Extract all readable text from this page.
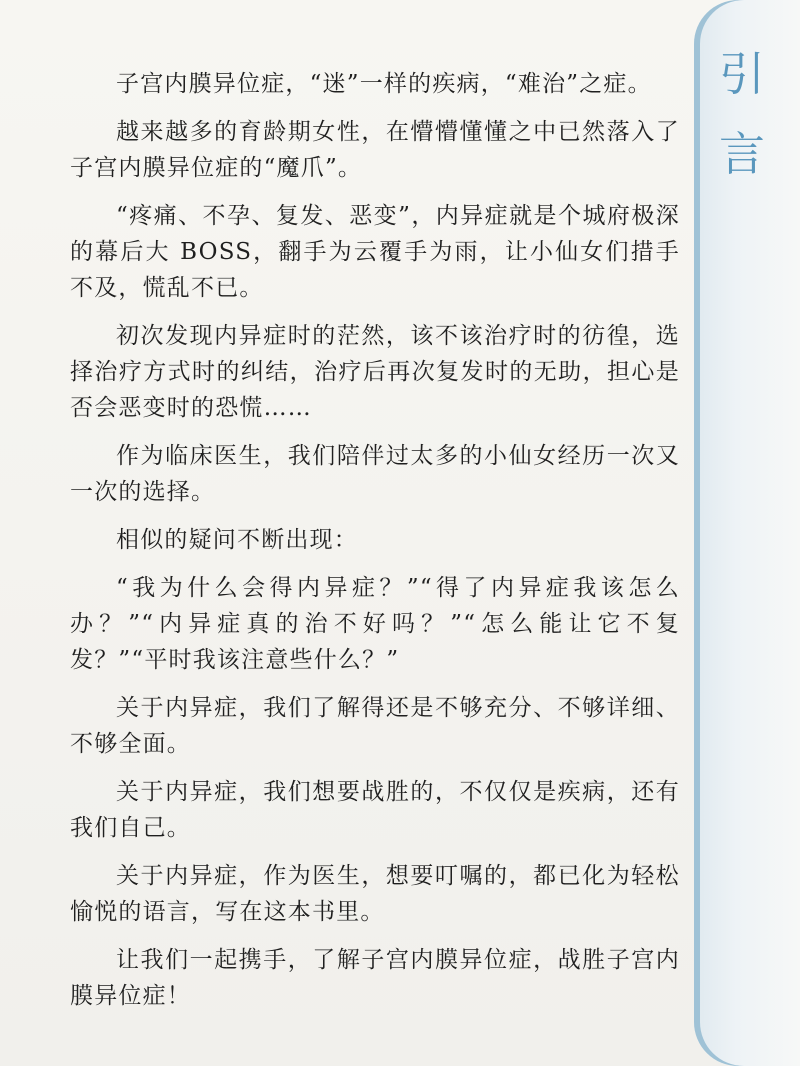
引
言

子宫内膜异位症，“迷”一样的疾病，“难治”之症。

越来越多的育龄期女性，在懵懵懂懂之中已然落入了子宫内膜异位症的“魔爪”。

“疼痛、不孕、复发、恶变”，内异症就是个城府极深的幕后大 BOSS，翻手为云覆手为雨，让小仙女们措手不及，慌乱不已。

初次发现内异症时的茫然，该不该治疗时的彷徨，选择治疗方式时的纠结，治疗后再次复发时的无助，担心是否会恶变时的恐慌……

作为临床医生，我们陪伴过太多的小仙女经历一次又一次的选择。

相似的疑问不断出现：

“我为什么会得内异症？”“得了内异症我该怎么办？”“内异症真的治不好吗？”“怎么能让它不复发？”“平时我该注意些什么？”

关于内异症，我们了解得还是不够充分、不够详细、不够全面。

关于内异症，我们想要战胜的，不仅仅是疾病，还有我们自己。

关于内异症，作为医生，想要叮嘱的，都已化为轻松愉悦的语言，写在这本书里。

让我们一起携手，了解子宫内膜异位症，战胜子宫内膜异位症！
